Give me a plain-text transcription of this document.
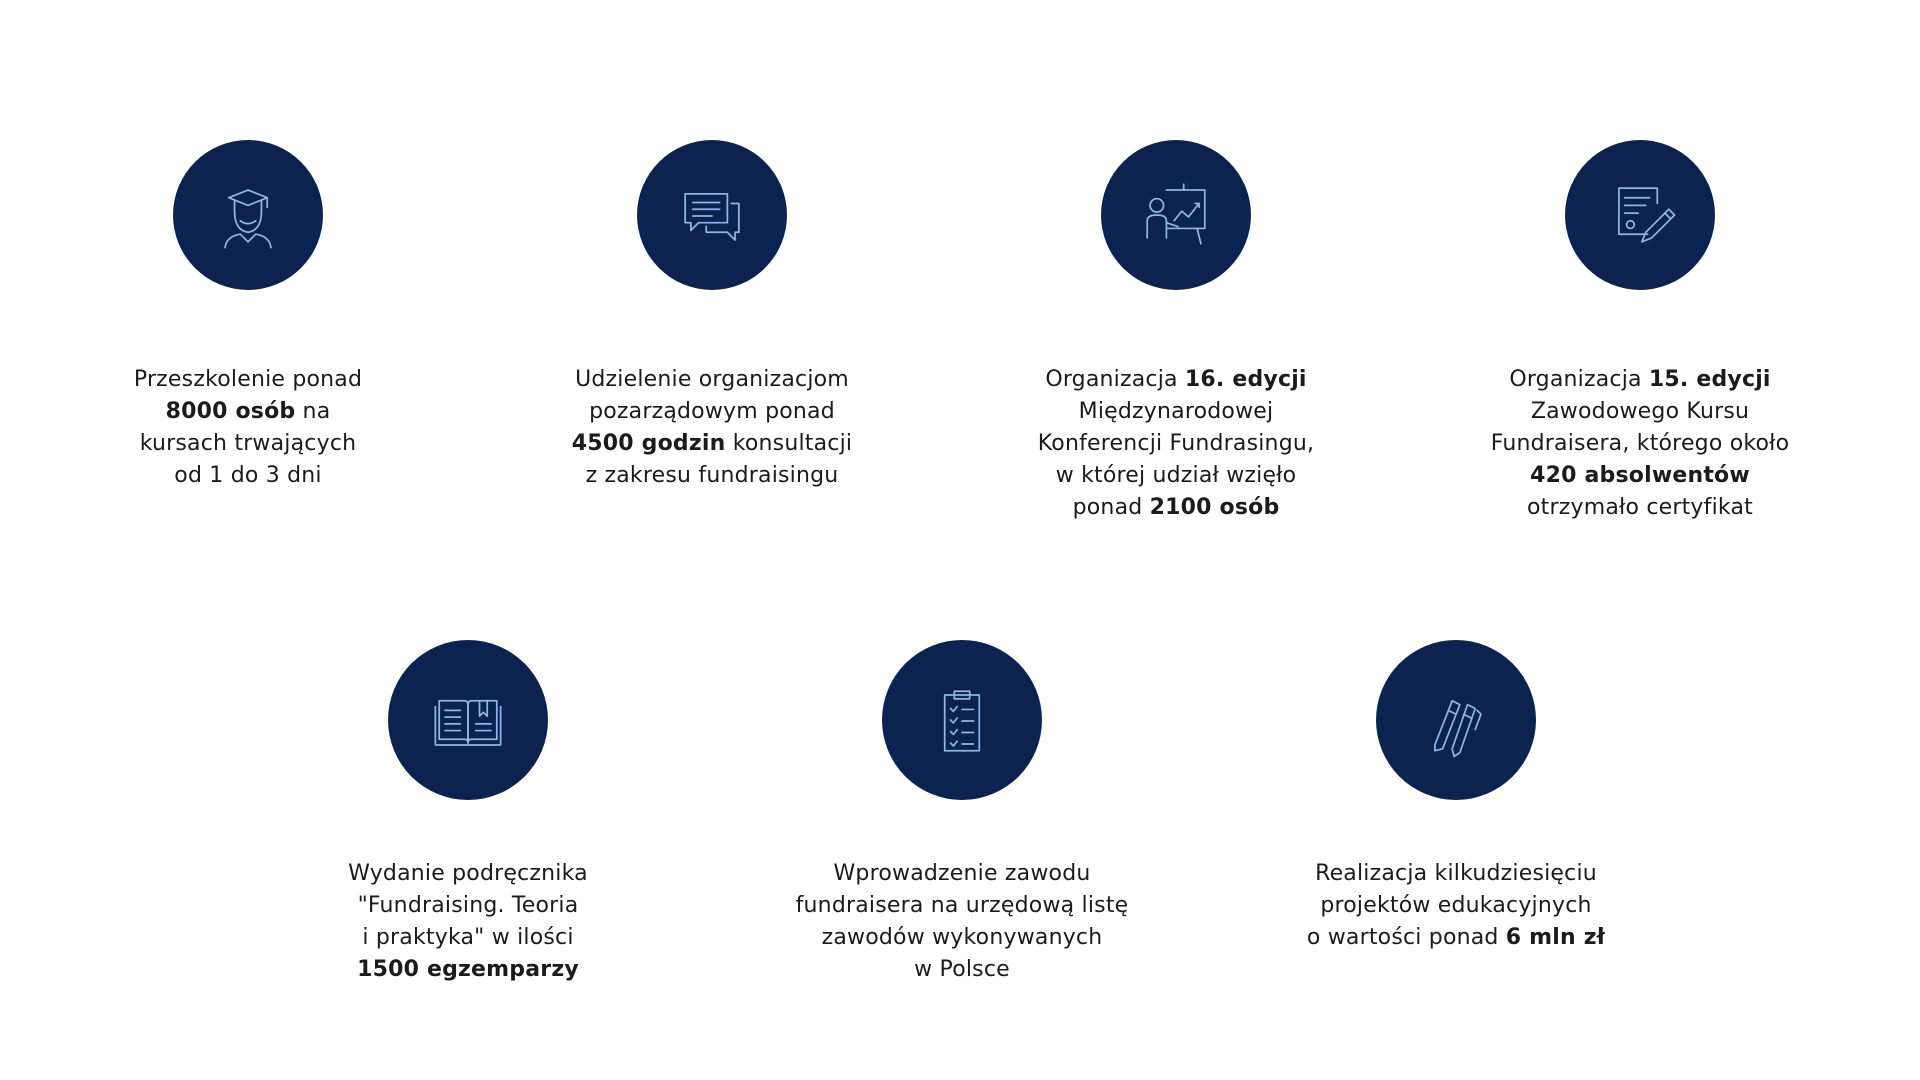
Przeszkolenie ponad
8000 osób na
kursach trwających
od 1 do 3 dni
Udzielenie organizacjom
pozarządowym ponad
4500 godzin konsultacji
z zakresu fundraisingu
Organizacja 16. edycji
Międzynarodowej
Konferencji Fundrasingu,
w której udział wzięło
ponad 2100 osób
Organizacja 15. edycji
Zawodowego Kursu
Fundraisera, którego około
420 absolwentów
otrzymało certyfikat
Wydanie podręcznika
"Fundraising. Teoria
i praktyka" w ilości
1500 egzemparzy
Wprowadzenie zawodu
fundraisera na urzędową listę
zawodów wykonywanych
w Polsce
Realizacja kilkudziesięciu
projektów edukacyjnych
o wartości ponad 6 mln zł
